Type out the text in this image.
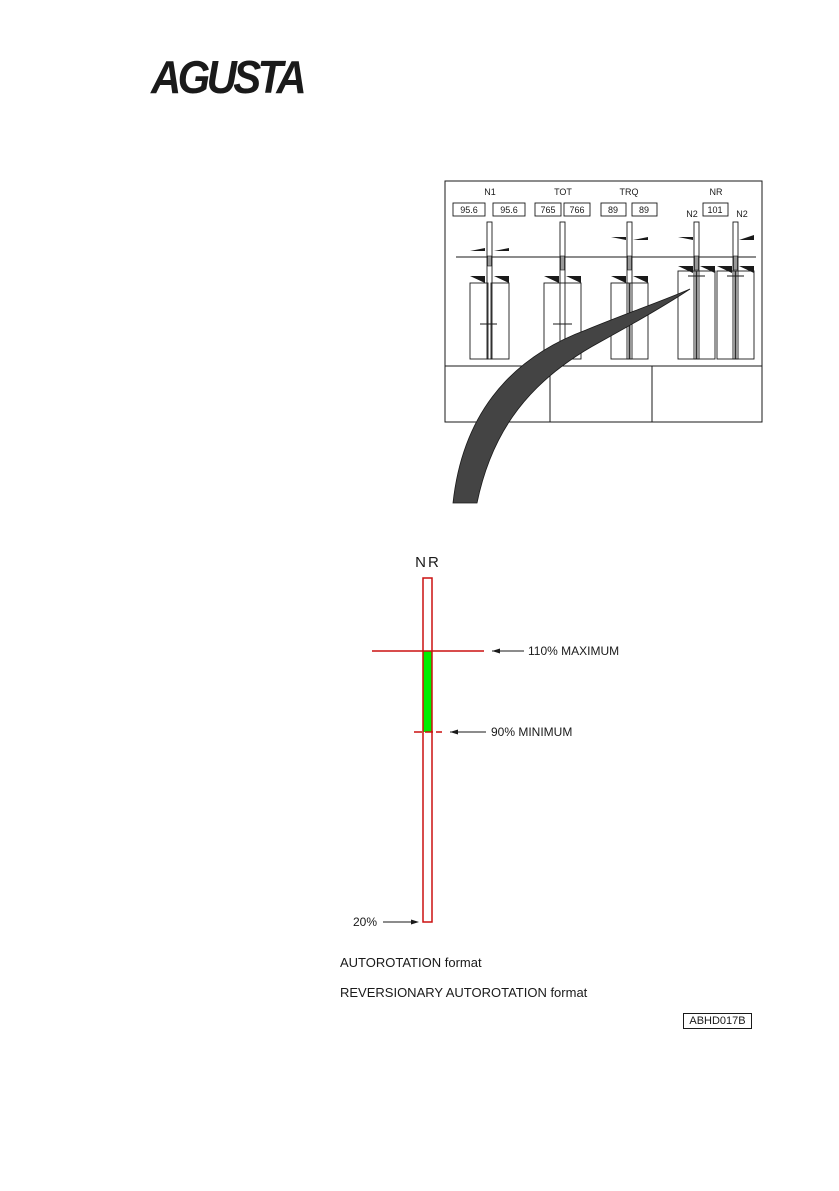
AGUSTA
N1	TOT	TRQ	NR
95.6 95.6	765 766	89 89	101
N2	N2
NR
110% MAXIMUM
90% MINIMUM
20%
AUTOROTATION format
REVERSIONARY AUTOROTATION format
ABHD017B
